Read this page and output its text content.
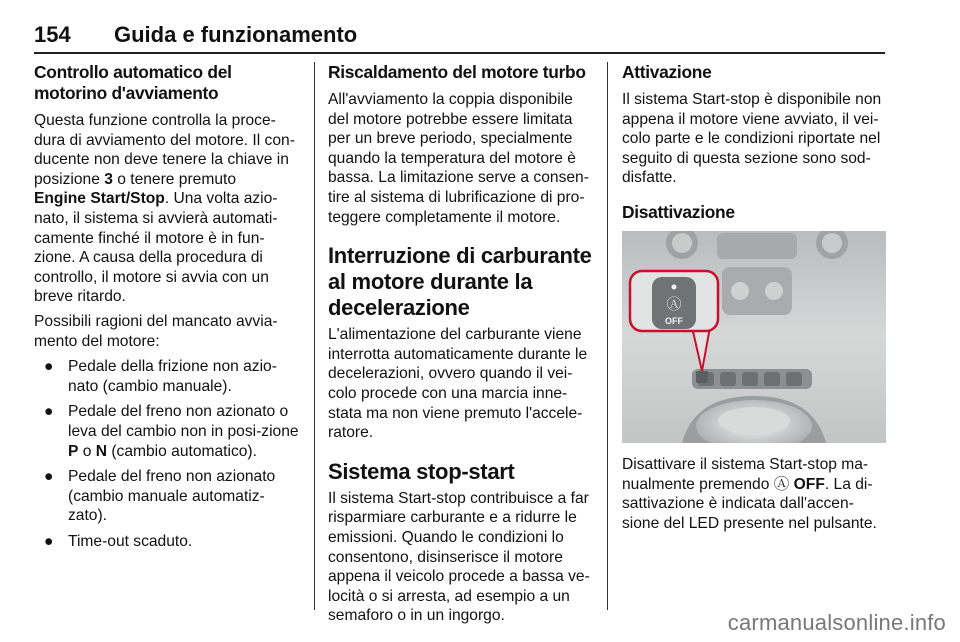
154 Guida e funzionamento
Controllo automatico del motorino d'avviamento

Questa funzione controlla la proce-dura di avviamento del motore. Il con-ducente non deve tenere la chiave in posizione 3 o tenere premuto
Engine Start/Stop. Una volta azio-nato, il sistema si avvierà automati-camente finché il motore è in fun-zione. A causa della procedura di controllo, il motore si avvia con un breve ritardo.

Possibili ragioni del mancato avvia-mento del motore:

● Pedale della frizione non azio-nato (cambio manuale).
● Pedale del freno non azionato o leva del cambio non in posi-zione P o N (cambio automatico).
● Pedale del freno non azionato (cambio manuale automatiz-zato).
● Time-out scaduto.
Riscaldamento del motore turbo

All'avviamento la coppia disponibile del motore potrebbe essere limitata per un breve periodo, specialmente quando la temperatura del motore è bassa. La limitazione serve a consen-tire al sistema di lubrificazione di pro-teggere completamente il motore.

Interruzione di carburante al motore durante la decelerazione

L'alimentazione del carburante viene interrotta automaticamente durante le decelerazioni, ovvero quando il vei-colo procede con una marcia inne-stata ma non viene premuto l'accele-ratore.

Sistema stop-start

Il sistema Start-stop contribuisce a far risparmiare carburante e a ridurre le emissioni. Quando le condizioni lo consentono, disinserisce il motore appena il veicolo procede a bassa ve-locità o si arresta, ad esempio a un semaforo o in un ingorgo.

Attivazione

Il sistema Start-stop è disponibile non appena il motore viene avviato, il vei-colo parte e le condizioni riportate nel seguito di questa sezione sono sod-disfatte.

Disattivazione
Ⓐ
OFF

Disattivare il sistema Start-stop ma-nualmente premendo Ⓐ OFF. La di-sattivazione è indicata dall'accen-sione del LED presente nel pulsante.

carmanualsonline.info
